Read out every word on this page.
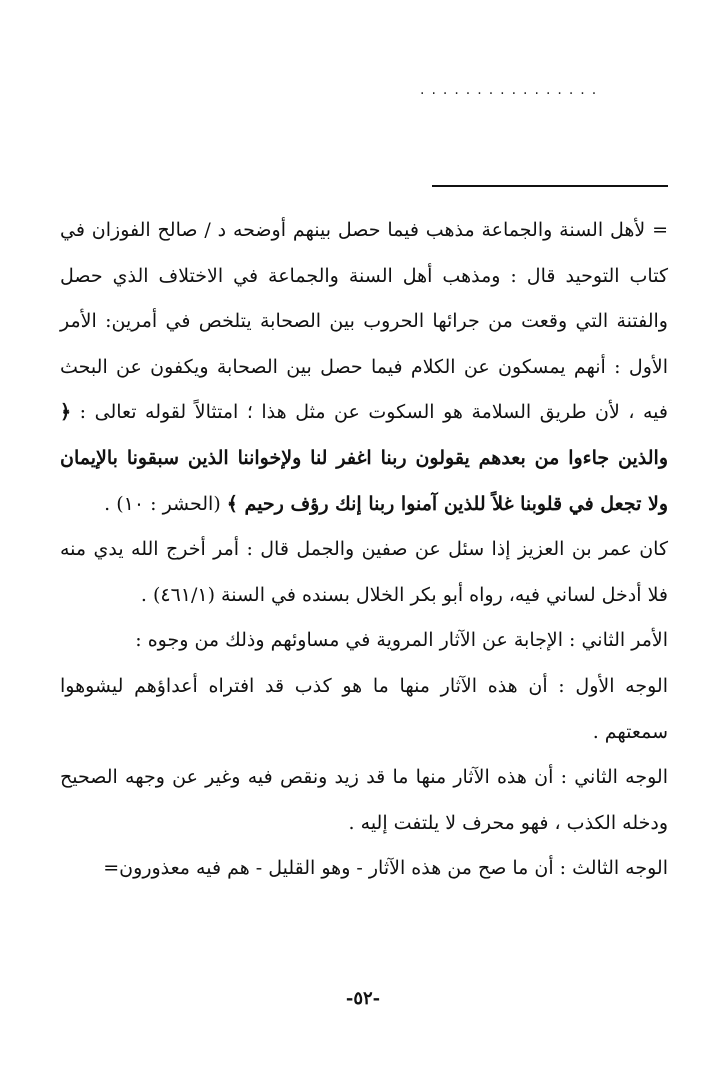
................

= لأهل السنة والجماعة مذهب فيما حصل بينهم أوضحه د / صالح الفوزان في كتاب التوحيد قال : ومذهب أهل السنة والجماعة في الاختلاف الذي حصل والفتنة التي وقعت من جرائها الحروب بين الصحابة يتلخص في أمرين: الأمر الأول : أنهم يمسكون عن الكلام فيما حصل بين الصحابة ويكفون عن البحث فيه ، لأن طريق السلامة هو السكوت عن مثل هذا ؛ امتثالاً لقوله تعالى : ﴿ والذين جاءوا من بعدهم يقولون ربنا اغفر لنا ولإخواننا الذين سبقونا بالإيمان ولا تجعل في قلوبنا غلاً للذين آمنوا ربنا إنك رؤف رحيم ﴾ (الحشر : ١٠) .

كان عمر بن العزيز إذا سئل عن صفين والجمل قال : أمر أخرج الله يدي منه فلا أدخل لساني فيه، رواه أبو بكر الخلال بسنده في السنة (٤٦١/١) .

الأمر الثاني : الإجابة عن الآثار المروية في مساوئهم وذلك من وجوه :

الوجه الأول : أن هذه الآثار منها ما هو كذب قد افتراه أعداؤهم ليشوهوا سمعتهم .

الوجه الثاني : أن هذه الآثار منها ما قد زيد ونقص فيه وغير عن وجهه الصحيح ودخله الكذب ، فهو محرف لا يلتفت إليه .

الوجه الثالث : أن ما صح من هذه الآثار - وهو القليل - هم فيه معذورون=

-٥٢-
